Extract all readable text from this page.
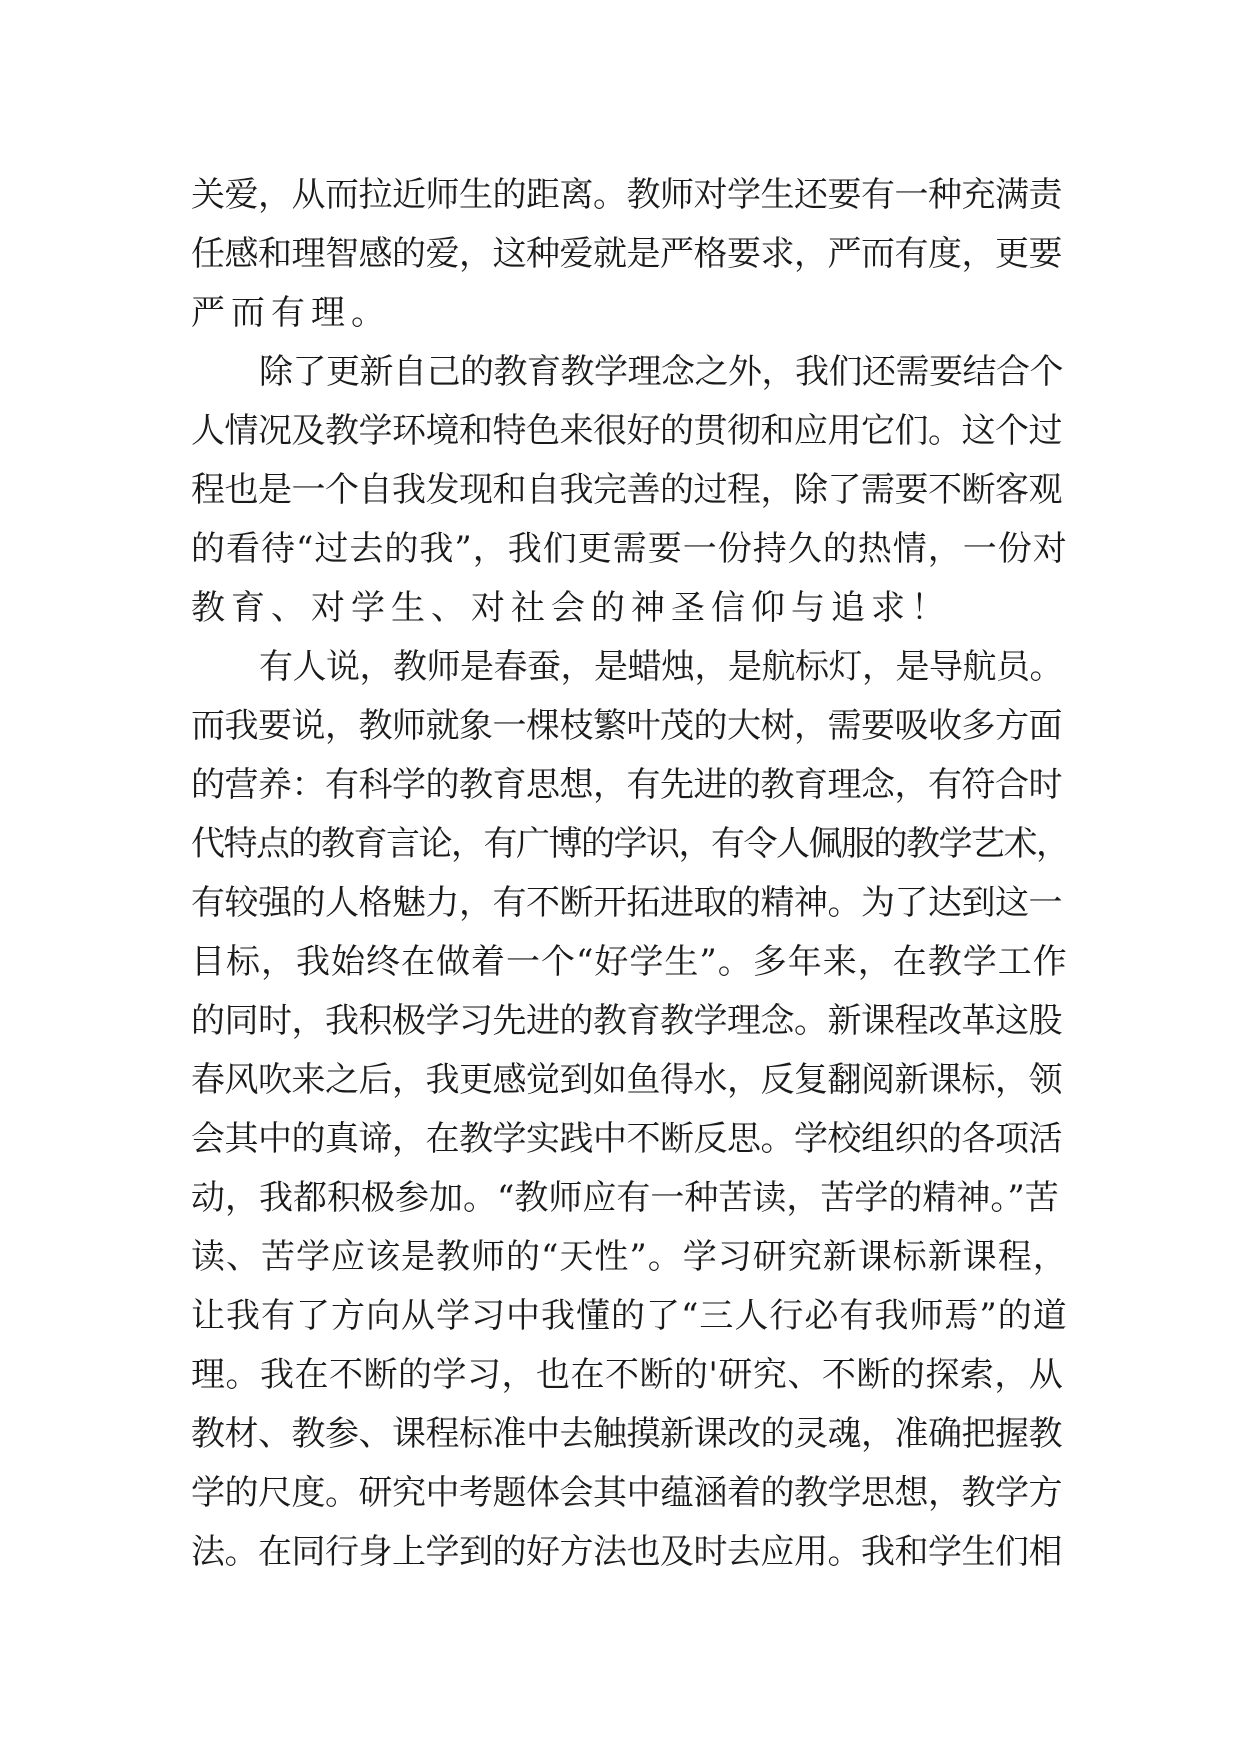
关爱，从而拉近师生的距离。教师对学生还要有一种充满责
任感和理智感的爱，这种爱就是严格要求，严而有度，更要
严而有理。
除了更新自己的教育教学理念之外，我们还需要结合个
人情况及教学环境和特色来很好的贯彻和应用它们。这个过
程也是一个自我发现和自我完善的过程，除了需要不断客观
的看待“过去的我”，我们更需要一份持久的热情，一份对
教育、对学生、对社会的神圣信仰与追求！
有人说，教师是春蚕，是蜡烛，是航标灯，是导航员。
而我要说，教师就象一棵枝繁叶茂的大树，需要吸收多方面
的营养：有科学的教育思想，有先进的教育理念，有符合时
代特点的教育言论，有广博的学识，有令人佩服的教学艺术，
有较强的人格魅力，有不断开拓进取的精神。为了达到这一
目标，我始终在做着一个“好学生”。多年来，在教学工作
的同时，我积极学习先进的教育教学理念。新课程改革这股
春风吹来之后，我更感觉到如鱼得水，反复翻阅新课标，领
会其中的真谛，在教学实践中不断反思。学校组织的各项活
动，我都积极参加。“教师应有一种苦读，苦学的精神。”苦
读、苦学应该是教师的“天性”。学习研究新课标新课程，
让我有了方向从学习中我懂的了“三人行必有我师焉”的道
理。我在不断的学习，也在不断的'研究、不断的探索，从
教材、教参、课程标准中去触摸新课改的灵魂，准确把握教
学的尺度。研究中考题体会其中蕴涵着的教学思想，教学方
法。在同行身上学到的好方法也及时去应用。我和学生们相
